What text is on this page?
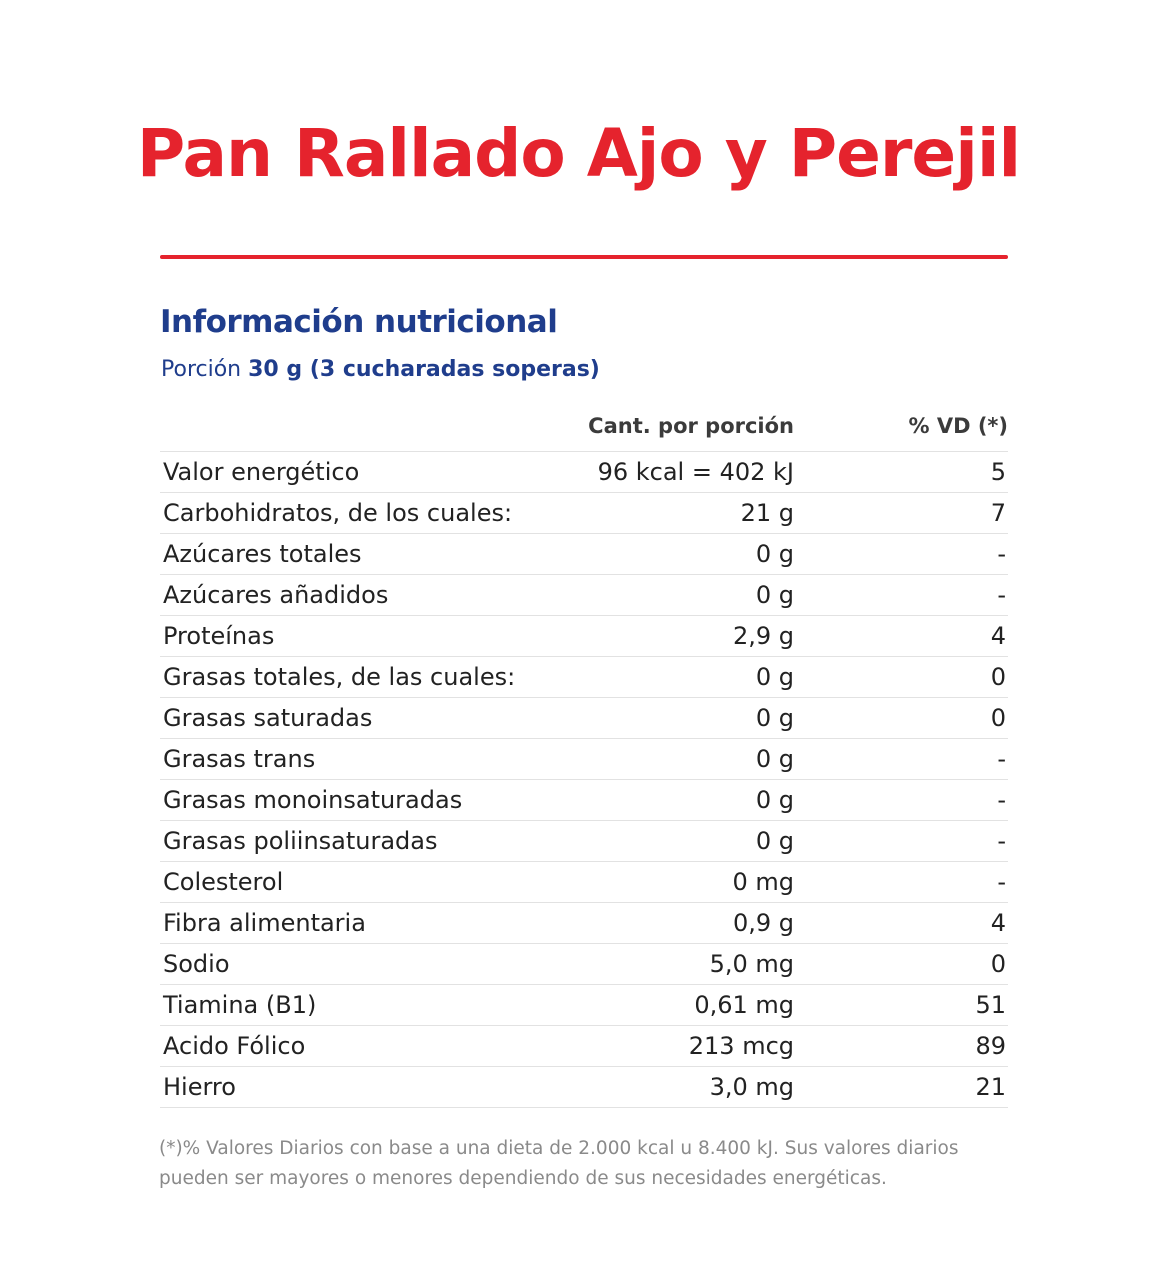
Pan Rallado Ajo y Perejil
Información nutricional
Porción 30 g (3 cucharadas soperas)
Cant. por porción	% VD (*)
Valor energético	96 kcal = 402 kJ	5
Carbohidratos, de los cuales:	21 g	7
Azúcares totales	0 g	-
Azúcares añadidos	0 g	-
Proteínas	2,9 g	4
Grasas totales, de las cuales:	0 g	0
Grasas saturadas	0 g	0
Grasas trans	0 g	-
Grasas monoinsaturadas	0 g	-
Grasas poliinsaturadas	0 g	-
Colesterol	0 mg	-
Fibra alimentaria	0,9 g	4
Sodio	5,0 mg	0
Tiamina (B1)	0,61 mg	51
Acido Fólico	213 mcg	89
Hierro	3,0 mg	21
(*)% Valores Diarios con base a una dieta de 2.000 kcal u 8.400 kJ. Sus valores diarios
pueden ser mayores o menores dependiendo de sus necesidades energéticas.
